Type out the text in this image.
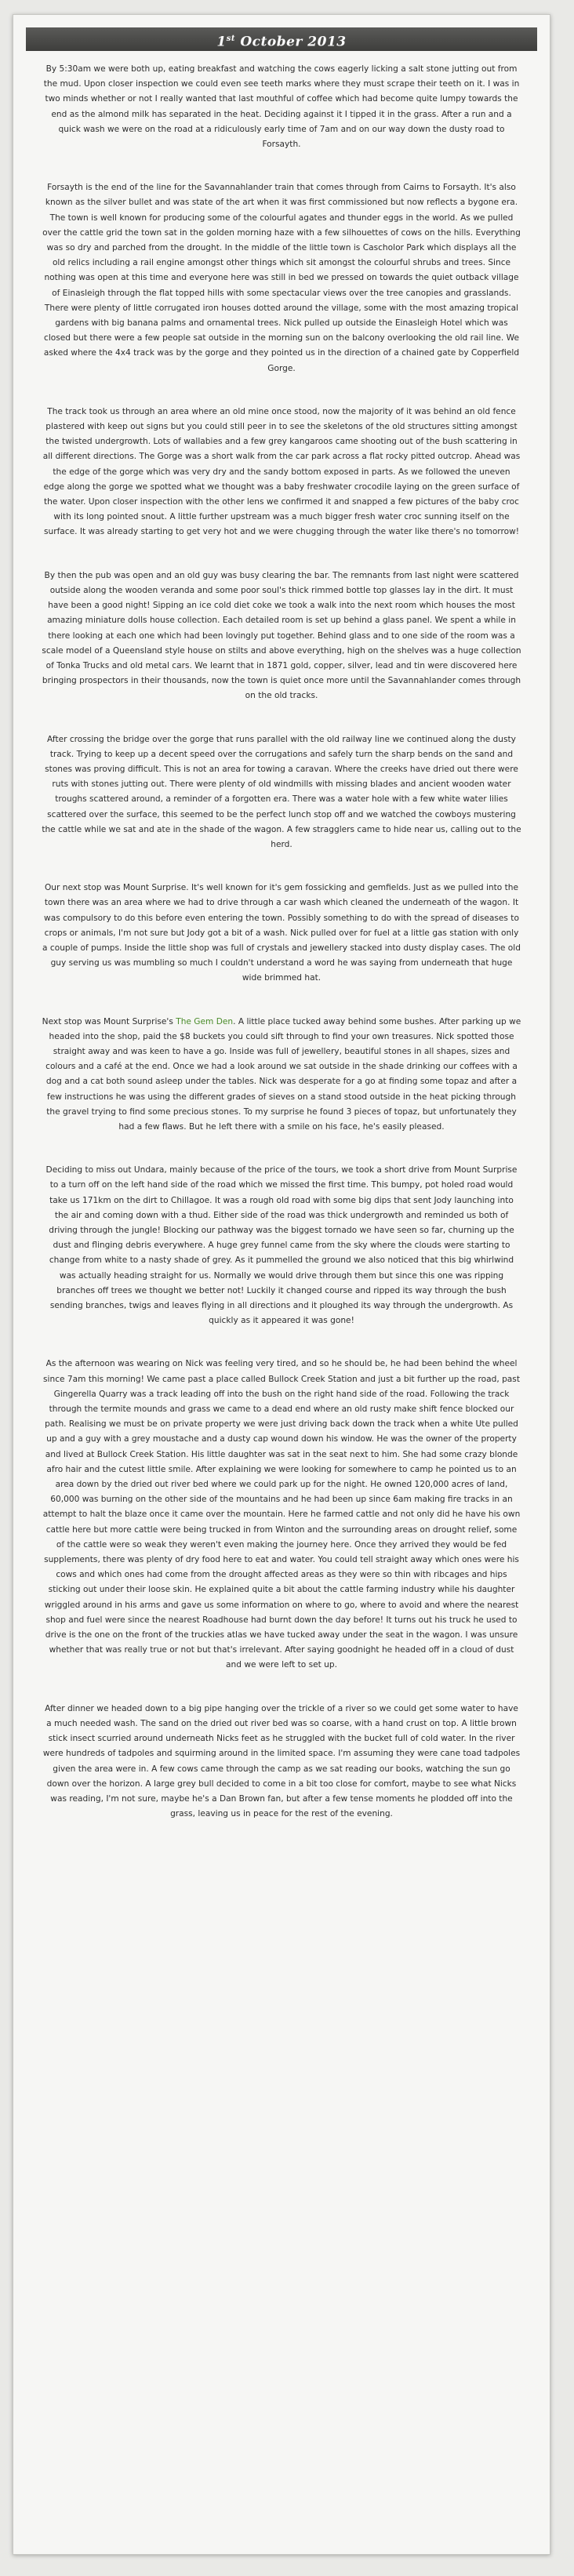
1st October 2013

By 5:30am we were both up, eating breakfast and watching the cows eagerly licking a salt stone jutting out from the mud. Upon closer inspection we could even see teeth marks where they must scrape their teeth on it. I was in two minds whether or not I really wanted that last mouthful of coffee which had become quite lumpy towards the end as the almond milk has separated in the heat. Deciding against it I tipped it in the grass. After a run and a quick wash we were on the road at a ridiculously early time of 7am and on our way down the dusty road to Forsayth.

Forsayth is the end of the line for the Savannahlander train that comes through from Cairns to Forsayth. It's also known as the silver bullet and was state of the art when it was first commissioned but now reflects a bygone era. The town is well known for producing some of the colourful agates and thunder eggs in the world. As we pulled over the cattle grid the town sat in the golden morning haze with a few silhouettes of cows on the hills. Everything was so dry and parched from the drought. In the middle of the little town is Cascholor Park which displays all the old relics including a rail engine amongst other things which sit amongst the colourful shrubs and trees. Since nothing was open at this time and everyone here was still in bed we pressed on towards the quiet outback village of Einasleigh through the flat topped hills with some spectacular views over the tree canopies and grasslands. There were plenty of little corrugated iron houses dotted around the village, some with the most amazing tropical gardens with big banana palms and ornamental trees. Nick pulled up outside the Einasleigh Hotel which was closed but there were a few people sat outside in the morning sun on the balcony overlooking the old rail line. We asked where the 4x4 track was by the gorge and they pointed us in the direction of a chained gate by Copperfield Gorge.

The track took us through an area where an old mine once stood, now the majority of it was behind an old fence plastered with keep out signs but you could still peer in to see the skeletons of the old structures sitting amongst the twisted undergrowth. Lots of wallabies and a few grey kangaroos came shooting out of the bush scattering in all different directions. The Gorge was a short walk from the car park across a flat rocky pitted outcrop. Ahead was the edge of the gorge which was very dry and the sandy bottom exposed in parts. As we followed the uneven edge along the gorge we spotted what we thought was a baby freshwater crocodile laying on the green surface of the water. Upon closer inspection with the other lens we confirmed it and snapped a few pictures of the baby croc with its long pointed snout. A little further upstream was a much bigger fresh water croc sunning itself on the surface. It was already starting to get very hot and we were chugging through the water like there's no tomorrow!

By then the pub was open and an old guy was busy clearing the bar. The remnants from last night were scattered outside along the wooden veranda and some poor soul's thick rimmed bottle top glasses lay in the dirt. It must have been a good night! Sipping an ice cold diet coke we took a walk into the next room which houses the most amazing miniature dolls house collection. Each detailed room is set up behind a glass panel. We spent a while in there looking at each one which had been lovingly put together. Behind glass and to one side of the room was a scale model of a Queensland style house on stilts and above everything, high on the shelves was a huge collection of Tonka Trucks and old metal cars. We learnt that in 1871 gold, copper, silver, lead and tin were discovered here bringing prospectors in their thousands, now the town is quiet once more until the Savannahlander comes through on the old tracks.

After crossing the bridge over the gorge that runs parallel with the old railway line we continued along the dusty track. Trying to keep up a decent speed over the corrugations and safely turn the sharp bends on the sand and stones was proving difficult. This is not an area for towing a caravan. Where the creeks have dried out there were ruts with stones jutting out. There were plenty of old windmills with missing blades and ancient wooden water troughs scattered around, a reminder of a forgotten era. There was a water hole with a few white water lilies scattered over the surface, this seemed to be the perfect lunch stop off and we watched the cowboys mustering the cattle while we sat and ate in the shade of the wagon. A few stragglers came to hide near us, calling out to the herd.

Our next stop was Mount Surprise. It's well known for it's gem fossicking and gemfields. Just as we pulled into the town there was an area where we had to drive through a car wash which cleaned the underneath of the wagon. It was compulsory to do this before even entering the town. Possibly something to do with the spread of diseases to crops or animals, I'm not sure but Jody got a bit of a wash. Nick pulled over for fuel at a little gas station with only a couple of pumps. Inside the little shop was full of crystals and jewellery stacked into dusty display cases. The old guy serving us was mumbling so much I couldn't understand a word he was saying from underneath that huge wide brimmed hat.

Next stop was Mount Surprise's The Gem Den. A little place tucked away behind some bushes. After parking up we headed into the shop, paid the $8 buckets you could sift through to find your own treasures. Nick spotted those straight away and was keen to have a go. Inside was full of jewellery, beautiful stones in all shapes, sizes and colours and a café at the end. Once we had a look around we sat outside in the shade drinking our coffees with a dog and a cat both sound asleep under the tables. Nick was desperate for a go at finding some topaz and after a few instructions he was using the different grades of sieves on a stand stood outside in the heat picking through the gravel trying to find some precious stones. To my surprise he found 3 pieces of topaz, but unfortunately they had a few flaws. But he left there with a smile on his face, he's easily pleased.

Deciding to miss out Undara, mainly because of the price of the tours, we took a short drive from Mount Surprise to a turn off on the left hand side of the road which we missed the first time. This bumpy, pot holed road would take us 171km on the dirt to Chillagoe. It was a rough old road with some big dips that sent Jody launching into the air and coming down with a thud. Either side of the road was thick undergrowth and reminded us both of driving through the jungle! Blocking our pathway was the biggest tornado we have seen so far, churning up the dust and flinging debris everywhere. A huge grey funnel came from the sky where the clouds were starting to change from white to a nasty shade of grey. As it pummelled the ground we also noticed that this big whirlwind was actually heading straight for us. Normally we would drive through them but since this one was ripping branches off trees we thought we better not! Luckily it changed course and ripped its way through the bush sending branches, twigs and leaves flying in all directions and it ploughed its way through the undergrowth. As quickly as it appeared it was gone!

As the afternoon was wearing on Nick was feeling very tired, and so he should be, he had been behind the wheel since 7am this morning! We came past a place called Bullock Creek Station and just a bit further up the road, past Gingerella Quarry was a track leading off into the bush on the right hand side of the road. Following the track through the termite mounds and grass we came to a dead end where an old rusty make shift fence blocked our path. Realising we must be on private property we were just driving back down the track when a white Ute pulled up and a guy with a grey moustache and a dusty cap wound down his window. He was the owner of the property and lived at Bullock Creek Station. His little daughter was sat in the seat next to him. She had some crazy blonde afro hair and the cutest little smile. After explaining we were looking for somewhere to camp he pointed us to an area down by the dried out river bed where we could park up for the night. He owned 120,000 acres of land, 60,000 was burning on the other side of the mountains and he had been up since 6am making fire tracks in an attempt to halt the blaze once it came over the mountain. Here he farmed cattle and not only did he have his own cattle here but more cattle were being trucked in from Winton and the surrounding areas on drought relief, some of the cattle were so weak they weren't even making the journey here. Once they arrived they would be fed supplements, there was plenty of dry food here to eat and water. You could tell straight away which ones were his cows and which ones had come from the drought affected areas as they were so thin with ribcages and hips sticking out under their loose skin. He explained quite a bit about the cattle farming industry while his daughter wriggled around in his arms and gave us some information on where to go, where to avoid and where the nearest shop and fuel were since the nearest Roadhouse had burnt down the day before! It turns out his truck he used to drive is the one on the front of the truckies atlas we have tucked away under the seat in the wagon. I was unsure whether that was really true or not but that's irrelevant. After saying goodnight he headed off in a cloud of dust and we were left to set up.

After dinner we headed down to a big pipe hanging over the trickle of a river so we could get some water to have a much needed wash. The sand on the dried out river bed was so coarse, with a hand crust on top. A little brown stick insect scurried around underneath Nicks feet as he struggled with the bucket full of cold water. In the river were hundreds of tadpoles and squirming around in the limited space. I'm assuming they were cane toad tadpoles given the area were in. A few cows came through the camp as we sat reading our books, watching the sun go down over the horizon. A large grey bull decided to come in a bit too close for comfort, maybe to see what Nicks was reading, I'm not sure, maybe he's a Dan Brown fan, but after a few tense moments he plodded off into the grass, leaving us in peace for the rest of the evening.
